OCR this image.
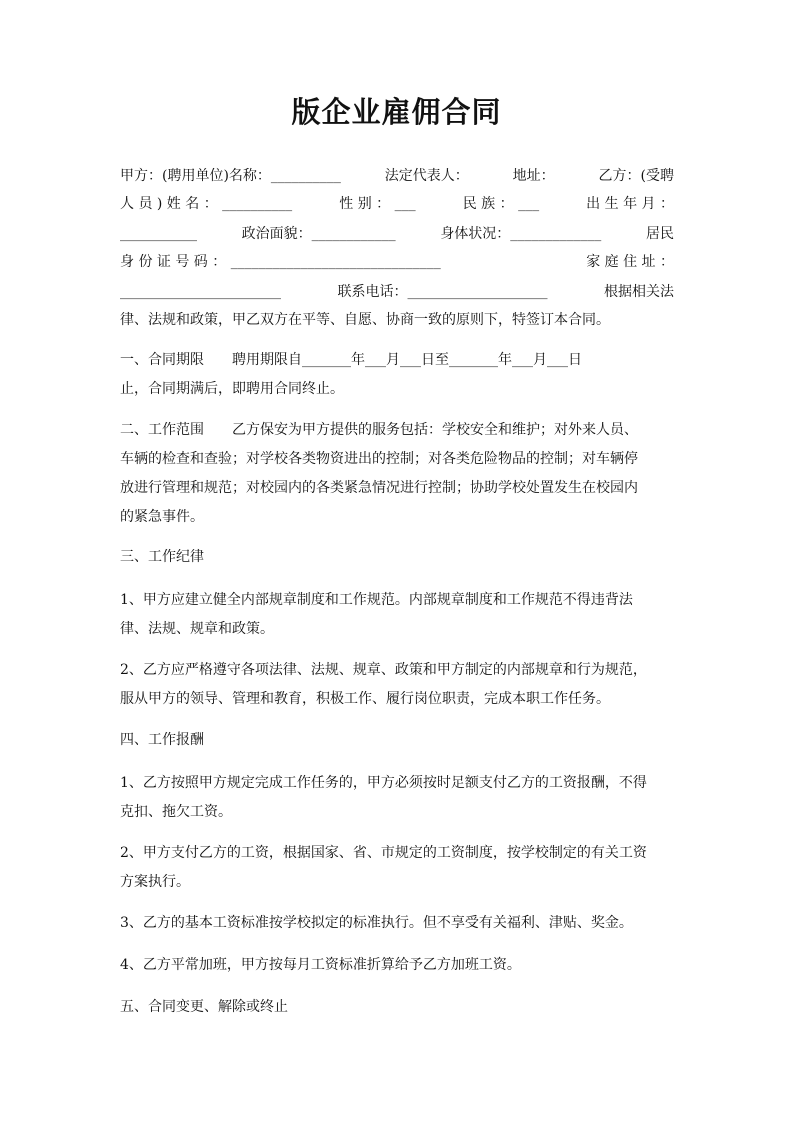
版企业雇佣合同
甲方：(聘用单位)名称：__________	法定代表人：	地址：	乙方：(受聘
人 员 ) 姓 名 ： __________	性 别 ： ___	民 族 ： ___	出 生 年 月 ：
___________	政治面貌：____________	身体状况：_____________	居民
身 份 证 号 码 ： ______________________________	家 庭 住 址 ：
_______________________	联系电话：____________________	根据相关法
律、法规和政策，甲乙双方在平等、自愿、协商一致的原则下，特签订本合同。
一、合同期限　　聘用期限自_______年___月___日至_______年___月___日
止，合同期满后，即聘用合同终止。
二、工作范围　　乙方保安为甲方提供的服务包括：学校安全和维护；对外来人员、
车辆的检查和查验；对学校各类物资进出的控制；对各类危险物品的控制；对车辆停
放进行管理和规范；对校园内的各类紧急情况进行控制；协助学校处置发生在校园内
的紧急事件。
三、工作纪律
1、甲方应建立健全内部规章制度和工作规范。内部规章制度和工作规范不得违背法
律、法规、规章和政策。
2、乙方应严格遵守各项法律、法规、规章、政策和甲方制定的内部规章和行为规范，
服从甲方的领导、管理和教育，积极工作、履行岗位职责，完成本职工作任务。
四、工作报酬
1、乙方按照甲方规定完成工作任务的，甲方必须按时足额支付乙方的工资报酬，不得
克扣、拖欠工资。
2、甲方支付乙方的工资，根据国家、省、市规定的工资制度，按学校制定的有关工资
方案执行。
3、乙方的基本工资标准按学校拟定的标准执行。但不享受有关福利、津贴、奖金。
4、乙方平常加班，甲方按每月工资标准折算给予乙方加班工资。
五、合同变更、解除或终止
